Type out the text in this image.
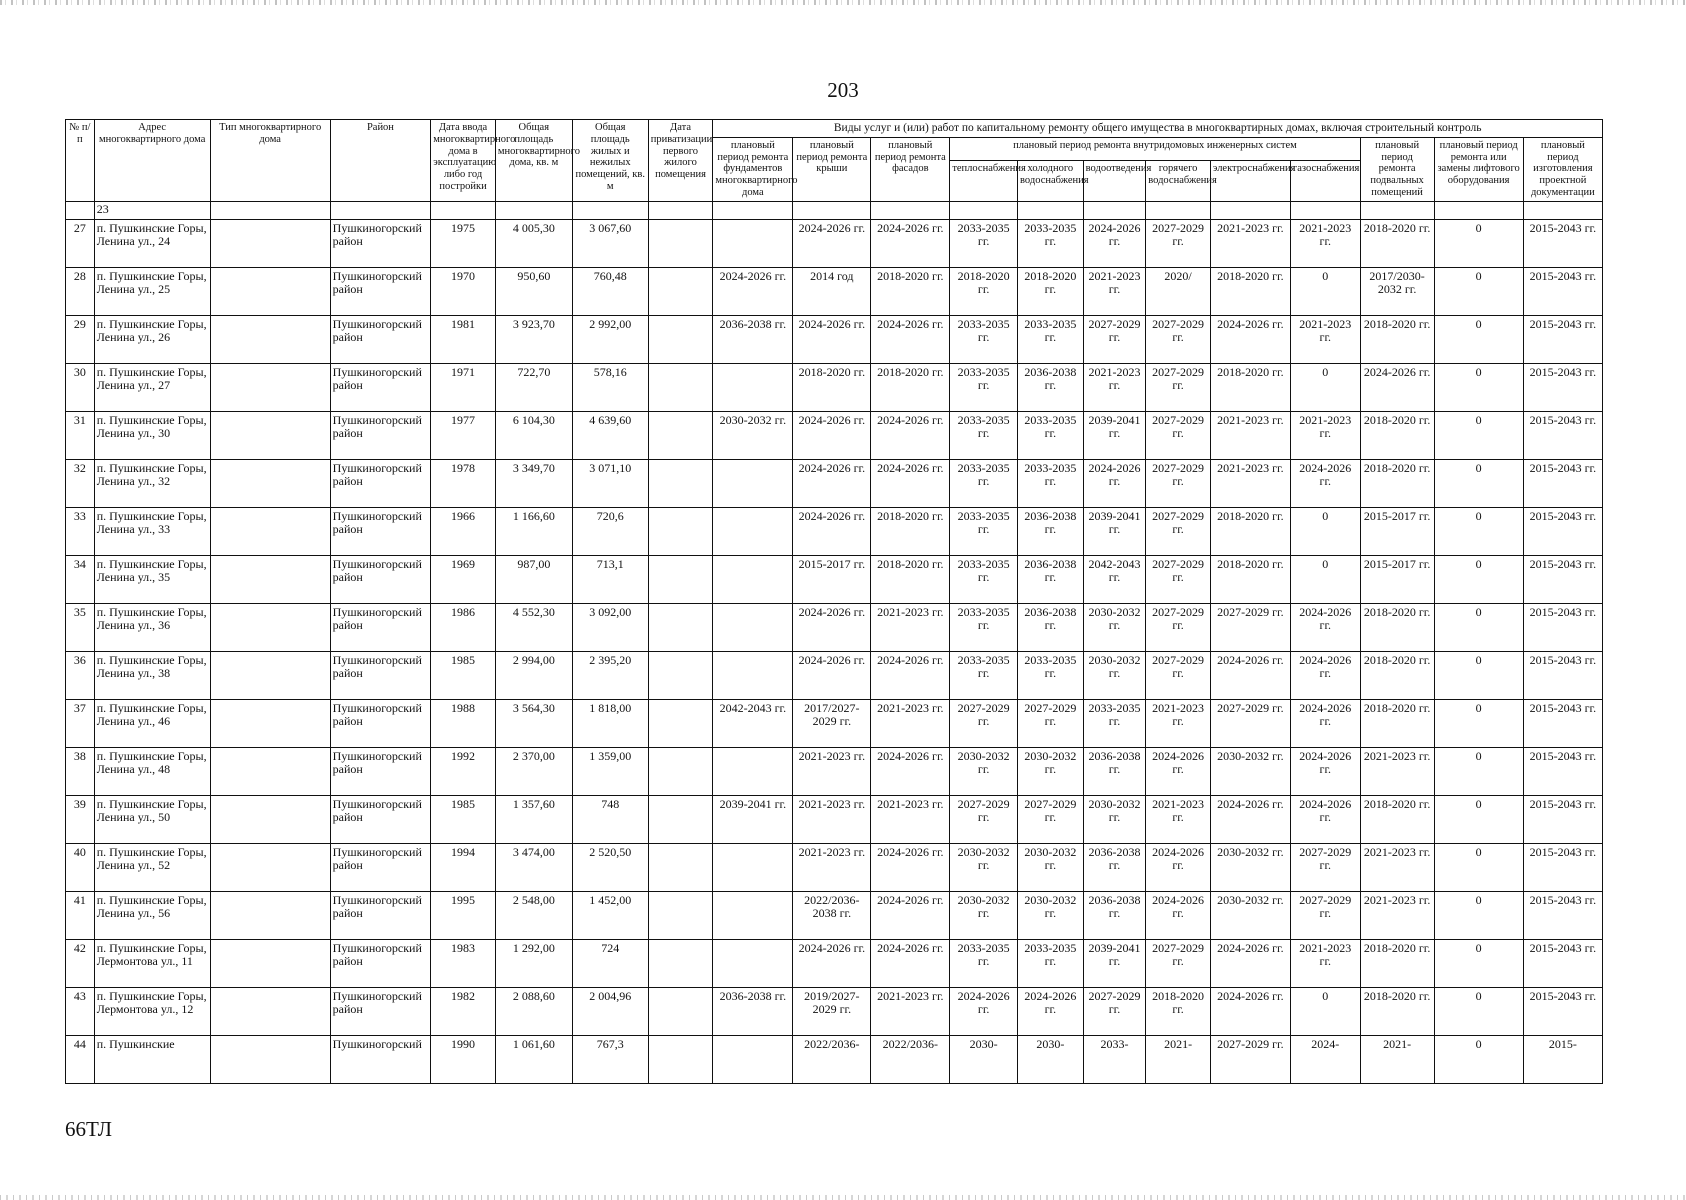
203
№ п/п	Адрес многоквартирного дома	Тип многоквартирного дома	Район	Дата ввода многоквартирного дома в эксплуатацию либо год постройки	Общая площадь многоквартирного дома, кв. м	Общая площадь жилых и нежилых помещений, кв. м	Дата приватизации первого жилого помещения	Виды услуг и (или) работ по капитальному ремонту общего имущества в многоквартирных домах, включая строительный контроль											
								плановый период ремонта фундаментов многоквартирного дома	плановый период ремонта крыши	плановый период ремонта фасадов	плановый период ремонта внутридомовых инженерных систем						плановый период ремонта подвальных помещений	плановый период ремонта или замены лифтового оборудования	плановый период изготовления проектной документации
											теплоснабжения	холодного водоснабжения	водоотведения	горячего водоснабжения	электроснабжения	газоснабжения			
	23																		
27	п. Пушкинские Горы, Ленина ул., 24		Пушкиногорский район	1975	4 005,30	3 067,60			2024-2026 гг.	2024-2026 гг.	2033-2035 гг.	2033-2035 гг.	2024-2026 гг.	2027-2029 гг.	2021-2023 гг.	2021-2023 гг.	2018-2020 гг.	0	2015-2043 гг.
28	п. Пушкинские Горы, Ленина ул., 25		Пушкиногорский район	1970	950,60	760,48		2024-2026 гг.	2014 год	2018-2020 гг.	2018-2020 гг.	2018-2020 гг.	2021-2023 гг.	2020/	2018-2020 гг.	0	2017/2030-2032 гг.	0	2015-2043 гг.
29	п. Пушкинские Горы, Ленина ул., 26		Пушкиногорский район	1981	3 923,70	2 992,00		2036-2038 гг.	2024-2026 гг.	2024-2026 гг.	2033-2035 гг.	2033-2035 гг.	2027-2029 гг.	2027-2029 гг.	2024-2026 гг.	2021-2023 гг.	2018-2020 гг.	0	2015-2043 гг.
30	п. Пушкинские Горы, Ленина ул., 27		Пушкиногорский район	1971	722,70	578,16			2018-2020 гг.	2018-2020 гг.	2033-2035 гг.	2036-2038 гг.	2021-2023 гг.	2027-2029 гг.	2018-2020 гг.	0	2024-2026 гг.	0	2015-2043 гг.
31	п. Пушкинские Горы, Ленина ул., 30		Пушкиногорский район	1977	6 104,30	4 639,60		2030-2032 гг.	2024-2026 гг.	2024-2026 гг.	2033-2035 гг.	2033-2035 гг.	2039-2041 гг.	2027-2029 гг.	2021-2023 гг.	2021-2023 гг.	2018-2020 гг.	0	2015-2043 гг.
32	п. Пушкинские Горы, Ленина ул., 32		Пушкиногорский район	1978	3 349,70	3 071,10			2024-2026 гг.	2024-2026 гг.	2033-2035 гг.	2033-2035 гг.	2024-2026 гг.	2027-2029 гг.	2021-2023 гг.	2024-2026 гг.	2018-2020 гг.	0	2015-2043 гг.
33	п. Пушкинские Горы, Ленина ул., 33		Пушкиногорский район	1966	1 166,60	720,6			2024-2026 гг.	2018-2020 гг.	2033-2035 гг.	2036-2038 гг.	2039-2041 гг.	2027-2029 гг.	2018-2020 гг.	0	2015-2017 гг.	0	2015-2043 гг.
34	п. Пушкинские Горы, Ленина ул., 35		Пушкиногорский район	1969	987,00	713,1			2015-2017 гг.	2018-2020 гг.	2033-2035 гг.	2036-2038 гг.	2042-2043 гг.	2027-2029 гг.	2018-2020 гг.	0	2015-2017 гг.	0	2015-2043 гг.
35	п. Пушкинские Горы, Ленина ул., 36		Пушкиногорский район	1986	4 552,30	3 092,00			2024-2026 гг.	2021-2023 гг.	2033-2035 гг.	2036-2038 гг.	2030-2032 гг.	2027-2029 гг.	2027-2029 гг.	2024-2026 гг.	2018-2020 гг.	0	2015-2043 гг.
36	п. Пушкинские Горы, Ленина ул., 38		Пушкиногорский район	1985	2 994,00	2 395,20			2024-2026 гг.	2024-2026 гг.	2033-2035 гг.	2033-2035 гг.	2030-2032 гг.	2027-2029 гг.	2024-2026 гг.	2024-2026 гг.	2018-2020 гг.	0	2015-2043 гг.
37	п. Пушкинские Горы, Ленина ул., 46		Пушкиногорский район	1988	3 564,30	1 818,00		2042-2043 гг.	2017/2027-2029 гг.	2021-2023 гг.	2027-2029 гг.	2027-2029 гг.	2033-2035 гг.	2021-2023 гг.	2027-2029 гг.	2024-2026 гг.	2018-2020 гг.	0	2015-2043 гг.
38	п. Пушкинские Горы, Ленина ул., 48		Пушкиногорский район	1992	2 370,00	1 359,00			2021-2023 гг.	2024-2026 гг.	2030-2032 гг.	2030-2032 гг.	2036-2038 гг.	2024-2026 гг.	2030-2032 гг.	2024-2026 гг.	2021-2023 гг.	0	2015-2043 гг.
39	п. Пушкинские Горы, Ленина ул., 50		Пушкиногорский район	1985	1 357,60	748		2039-2041 гг.	2021-2023 гг.	2021-2023 гг.	2027-2029 гг.	2027-2029 гг.	2030-2032 гг.	2021-2023 гг.	2024-2026 гг.	2024-2026 гг.	2018-2020 гг.	0	2015-2043 гг.
40	п. Пушкинские Горы, Ленина ул., 52		Пушкиногорский район	1994	3 474,00	2 520,50			2021-2023 гг.	2024-2026 гг.	2030-2032 гг.	2030-2032 гг.	2036-2038 гг.	2024-2026 гг.	2030-2032 гг.	2027-2029 гг.	2021-2023 гг.	0	2015-2043 гг.
41	п. Пушкинские Горы, Ленина ул., 56		Пушкиногорский район	1995	2 548,00	1 452,00			2022/2036-2038 гг.	2024-2026 гг.	2030-2032 гг.	2030-2032 гг.	2036-2038 гг.	2024-2026 гг.	2030-2032 гг.	2027-2029 гг.	2021-2023 гг.	0	2015-2043 гг.
42	п. Пушкинские Горы, Лермонтова ул., 11		Пушкиногорский район	1983	1 292,00	724			2024-2026 гг.	2024-2026 гг.	2033-2035 гг.	2033-2035 гг.	2039-2041 гг.	2027-2029 гг.	2024-2026 гг.	2021-2023 гг.	2018-2020 гг.	0	2015-2043 гг.
43	п. Пушкинские Горы, Лермонтова ул., 12		Пушкиногорский район	1982	2 088,60	2 004,96		2036-2038 гг.	2019/2027-2029 гг.	2021-2023 гг.	2024-2026 гг.	2024-2026 гг.	2027-2029 гг.	2018-2020 гг.	2024-2026 гг.	0	2018-2020 гг.	0	2015-2043 гг.
44	п. Пушкинские		Пушкиногорский	1990	1 061,60	767,3			2022/2036-	2022/2036-	2030-	2030-	2033-	2021-	2027-2029 гг.	2024-	2021-	0	2015-
66ТЛ
